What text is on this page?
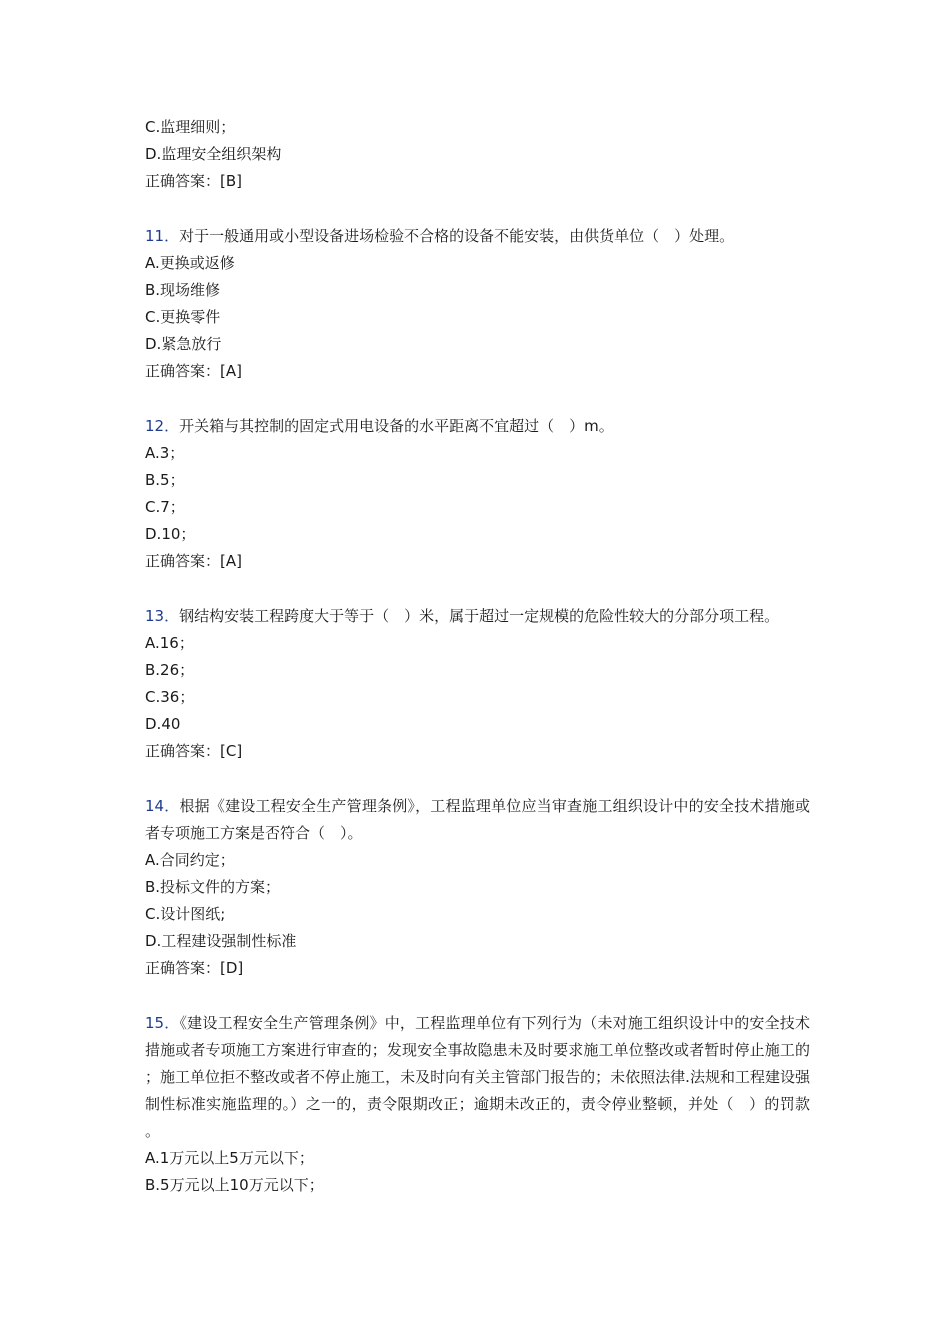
C.监理细则；
D.监理安全组织架构
正确答案：[B]
11．对于一般通用或小型设备进场检验不合格的设备不能安装，由供货单位（　）处理。
A.更换或返修
B.现场维修
C.更换零件
D.紧急放行
正确答案：[A]
12．开关箱与其控制的固定式用电设备的水平距离不宜超过（　）m。
A.3；
B.5；
C.7；
D.10；
正确答案：[A]
13．钢结构安装工程跨度大于等于（　）米，属于超过一定规模的危险性较大的分部分项工程。
A.16；
B.26；
C.36；
D.40
正确答案：[C]
14．根据《建设工程安全生产管理条例》，工程监理单位应当审查施工组织设计中的安全技术措施或者专项施工方案是否符合（　）。
A.合同约定；
B.投标文件的方案；
C.设计图纸;
D.工程建设强制性标准
正确答案：[D]
15．《建设工程安全生产管理条例》中，工程监理单位有下列行为（未对施工组织设计中的安全技术措施或者专项施工方案进行审查的；发现安全事故隐患未及时要求施工单位整改或者暂时停止施工的；施工单位拒不整改或者不停止施工，未及时向有关主管部门报告的；未依照法律.法规和工程建设强制性标准实施监理的。）之一的，责令限期改正；逾期未改正的，责令停业整顿，并处（　）的罚款。
A.1万元以上5万元以下；
B.5万元以上10万元以下；
